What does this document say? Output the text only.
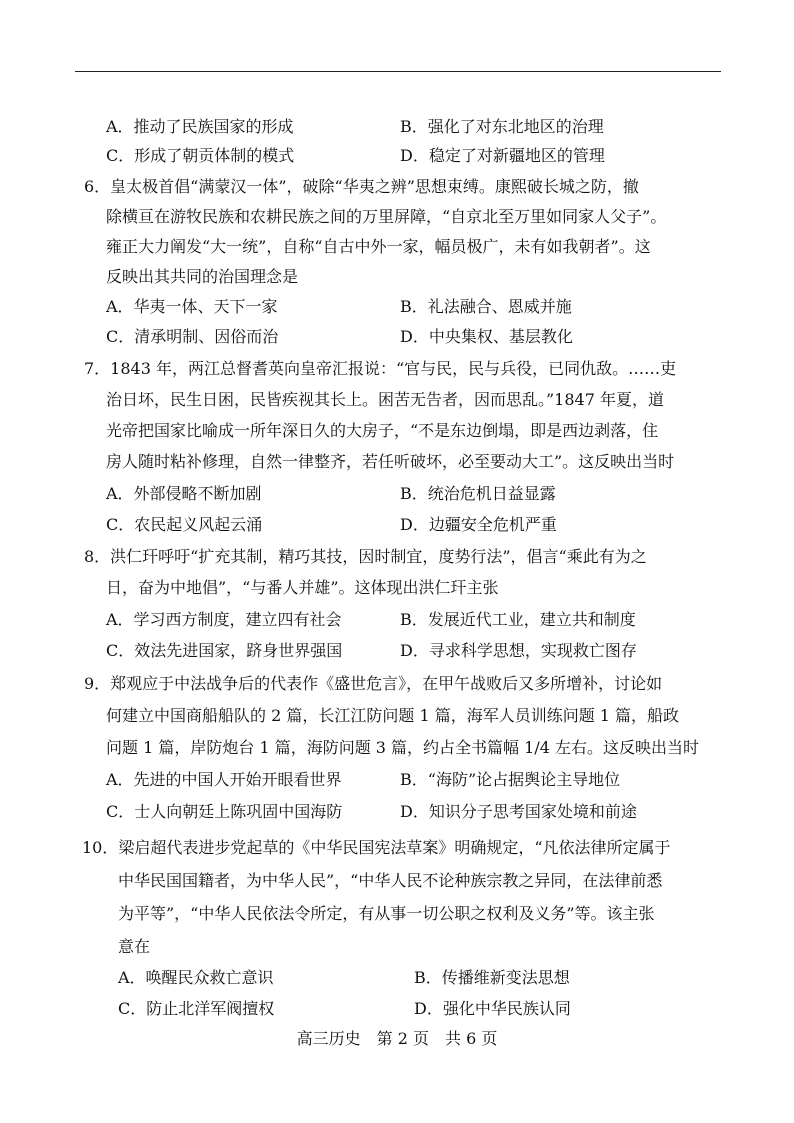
A．推动了民族国家的形成	B．强化了对东北地区的治理
C．形成了朝贡体制的模式	D．稳定了对新疆地区的管理
6．皇太极首倡“满蒙汉一体”，破除“华夷之辨”思想束缚。康熙破长城之防，撤
除横亘在游牧民族和农耕民族之间的万里屏障，“自京北至万里如同家人父子”。
雍正大力阐发“大一统”，自称“自古中外一家，幅员极广，未有如我朝者”。这
反映出其共同的治国理念是
A．华夷一体、天下一家	B．礼法融合、恩威并施
C．清承明制、因俗而治	D．中央集权、基层教化
7．1843 年，两江总督耆英向皇帝汇报说：“官与民，民与兵役，已同仇敌。……吏
治日坏，民生日困，民皆疾视其长上。困苦无告者，因而思乱。”1847 年夏，道
光帝把国家比喻成一所年深日久的大房子，“不是东边倒塌，即是西边剥落，住
房人随时粘补修理，自然一律整齐，若任听破坏，必至要动大工”。这反映出当时
A．外部侵略不断加剧	B．统治危机日益显露
C．农民起义风起云涌	D．边疆安全危机严重
8．洪仁玕呼吁“扩充其制，精巧其技，因时制宜，度势行法”，倡言“乘此有为之
日，奋为中地倡”，“与番人并雄”。这体现出洪仁玕主张
A．学习西方制度，建立四有社会	B．发展近代工业，建立共和制度
C．效法先进国家，跻身世界强国	D．寻求科学思想，实现救亡图存
9．郑观应于中法战争后的代表作《盛世危言》，在甲午战败后又多所增补，讨论如
何建立中国商船船队的 2 篇，长江江防问题 1 篇，海军人员训练问题 1 篇，船政
问题 1 篇，岸防炮台 1 篇，海防问题 3 篇，约占全书篇幅 1/4 左右。这反映出当时
A．先进的中国人开始开眼看世界	B．“海防”论占据舆论主导地位
C．士人向朝廷上陈巩固中国海防	D．知识分子思考国家处境和前途
10．梁启超代表进步党起草的《中华民国宪法草案》明确规定，“凡依法律所定属于
中华民国国籍者，为中华人民”，“中华人民不论种族宗教之异同，在法律前悉
为平等”，“中华人民依法令所定，有从事一切公职之权利及义务”等。该主张
意在
A．唤醒民众救亡意识	B．传播维新变法思想
C．防止北洋军阀擅权	D．强化中华民族认同
高三历史　第 2 页　共 6 页
